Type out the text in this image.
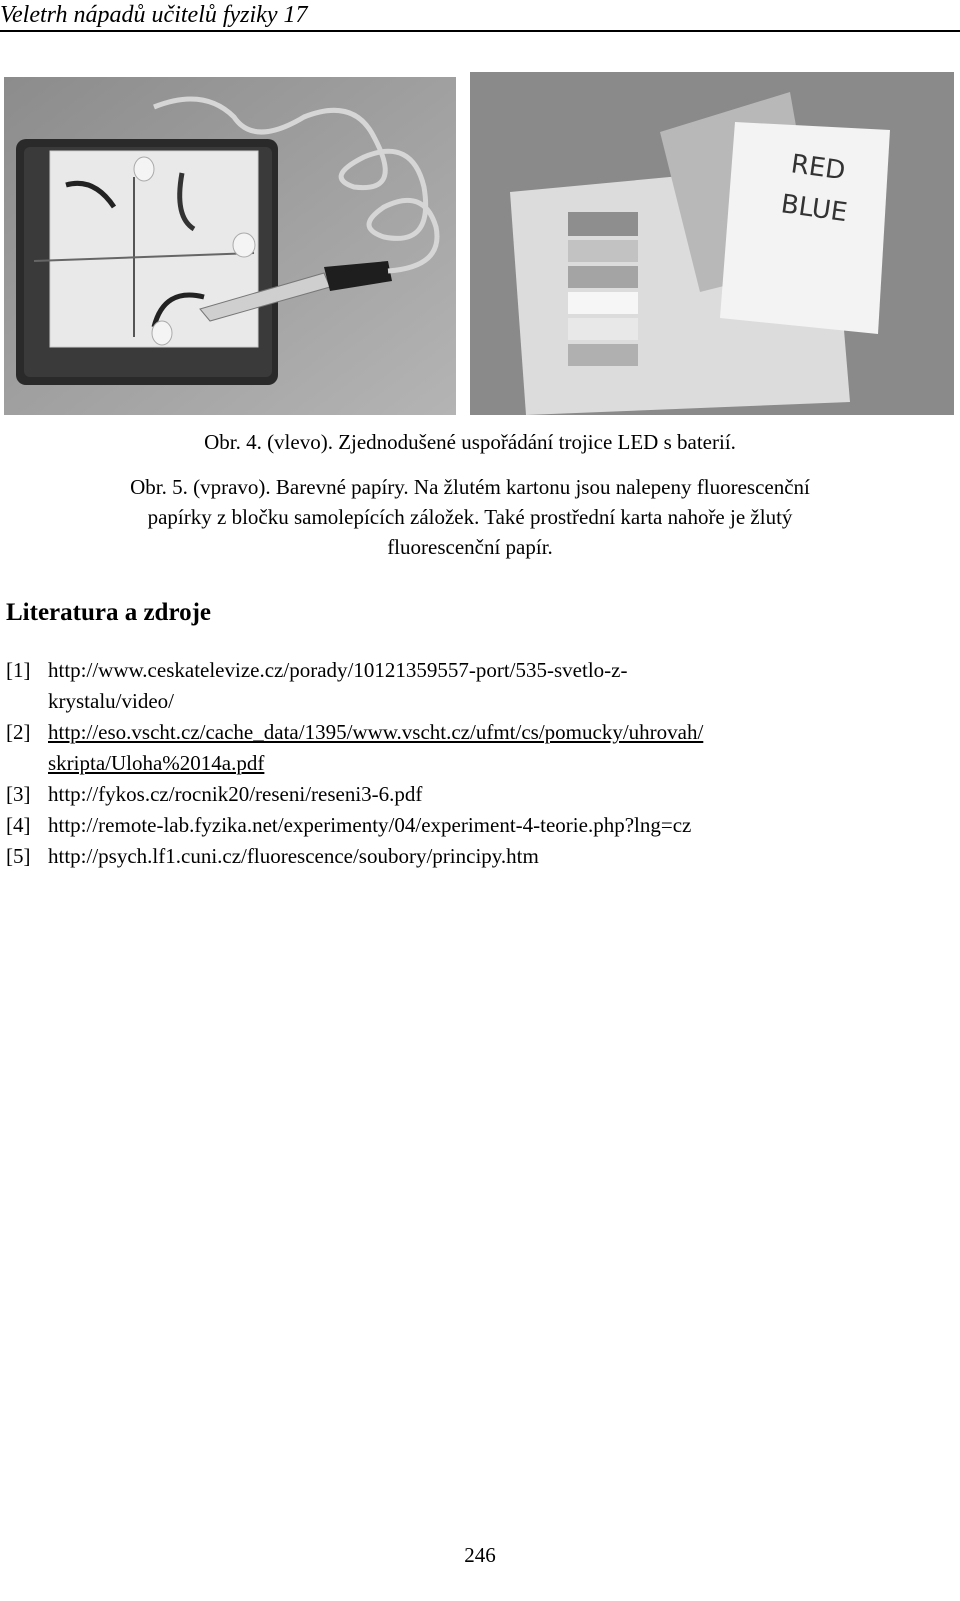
Veletrh nápadů učitelů fyziky 17
RED
BLUE
Obr. 4. (vlevo). Zjednodušené uspořádání trojice LED s baterií.
Obr. 5. (vpravo). Barevné papíry. Na žlutém kartonu jsou nalepeny fluorescenční
papírky z bločku samolepících záložek. Také prostřední karta nahoře je žlutý
fluorescenční papír.
Literatura a zdroje
[1] http://www.ceskatelevize.cz/porady/10121359557-port/535-svetlo-z-
krystalu/video/
[2] http://eso.vscht.cz/cache_data/1395/www.vscht.cz/ufmt/cs/pomucky/uhrovah/
skripta/Uloha%2014a.pdf
[3] http://fykos.cz/rocnik20/reseni/reseni3-6.pdf
[4] http://remote-lab.fyzika.net/experimenty/04/experiment-4-teorie.php?lng=cz
[5] http://psych.lf1.cuni.cz/fluorescence/soubory/principy.htm
246
